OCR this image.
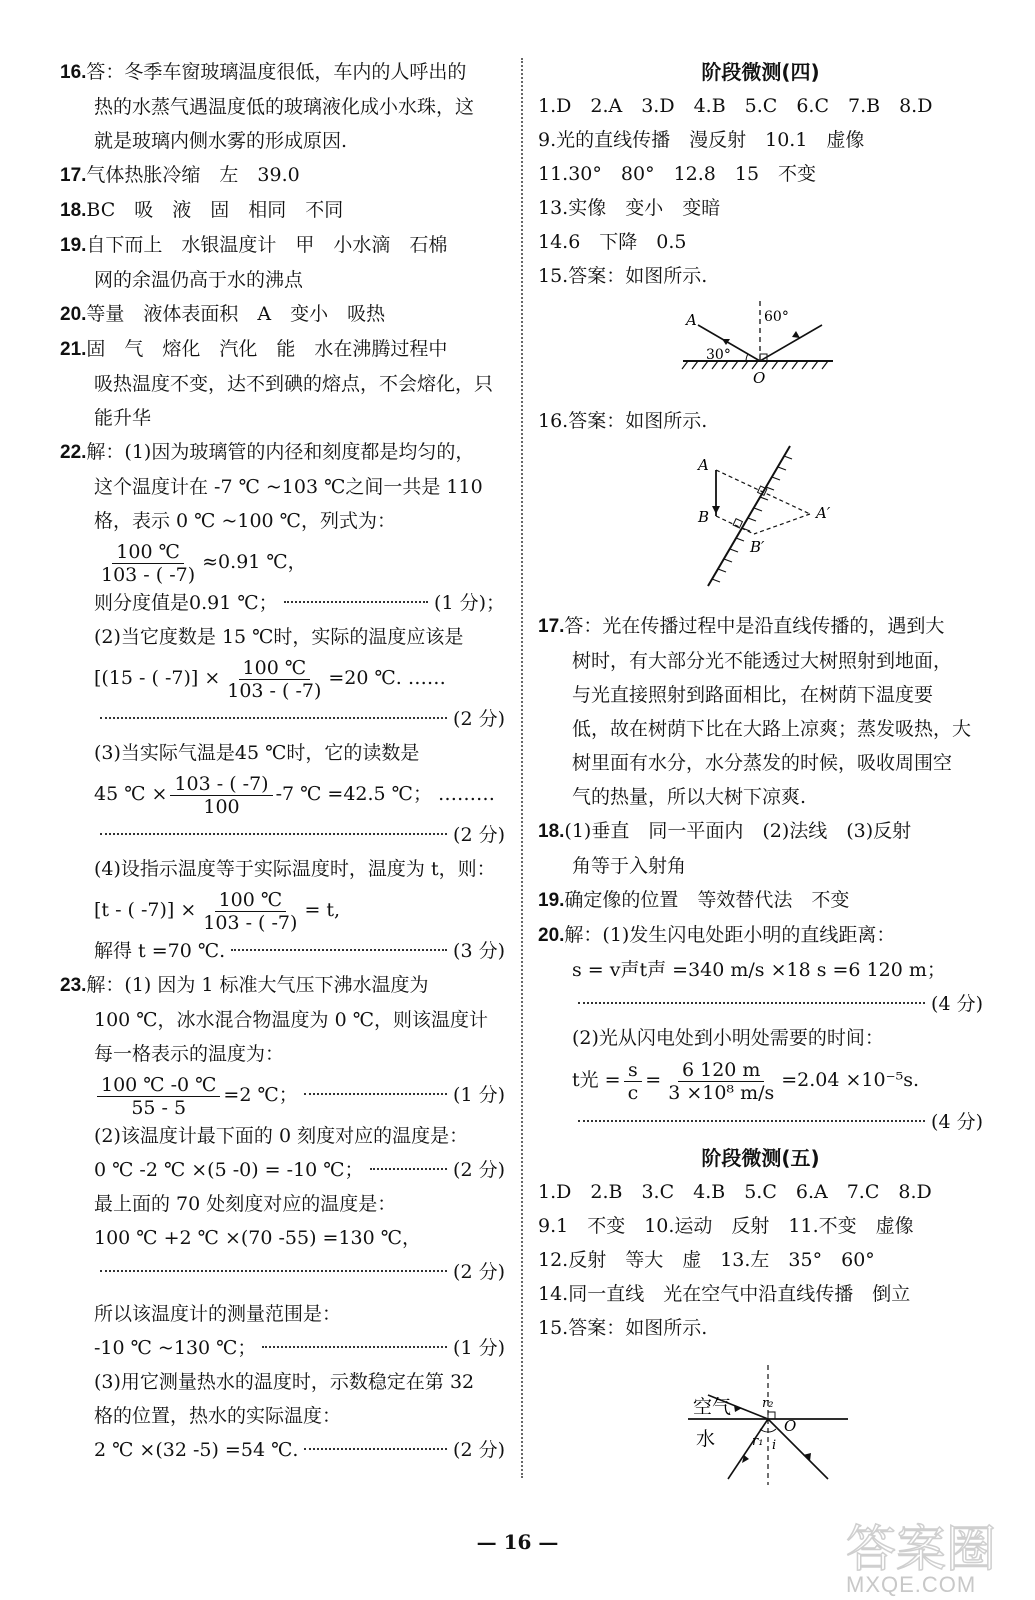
16.答：冬季车窗玻璃温度很低，车内的人呼出的

热的水蒸气遇温度低的玻璃液化成小水珠，这

就是玻璃内侧水雾的形成原因.

17.气体热胀冷缩　左　39.0

18.BC　吸　液　固　相同　不同

19.自下而上　水银温度计　甲　小水滴　石棉

网的余温仍高于水的沸点

20.等量　液体表面积　A　变小　吸热

21.固　气　熔化　汽化　能　水在沸腾过程中

吸热温度不变，达不到碘的熔点，不会熔化，只

能升华

22.解：(1)因为玻璃管的内径和刻度都是均匀的，

这个温度计在 -7 ℃ ~103 ℃之间一共是 110

格，表示 0 ℃ ~100 ℃，列式为：

$\frac{100 ℃}{103 - ( -7)} \approx 0.91$ ℃，

则分度值是0.91 ℃；	(1 分)；

(2)当它度数是 15 ℃时，实际的温度应该是

[(15 - ( $-7)] \times \frac{100 ℃}{103 - ( -7)} =20$ ℃. ……

(2 分)

(3)当实际气温是45 ℃时，它的读数是

45 ℃ × $\frac{103 - ( -7)}{100} -7$ ℃ =42.5 ℃； ………

(2 分)

(4)设指示温度等于实际温度时，温度为 t，则：

[t - ( $-7)] \times \frac{100 ℃}{103 - ( -7)} = t$,

解得 t =70 ℃.	(3 分)

23.解：(1) 因为 1 标准大气压下沸水温度为

100 ℃，冰水混合物温度为 0 ℃，则该温度计

每一格表示的温度为：

$\frac{100 ℃ -0 ℃}{55 - 5} =2$ ℃；	(1 分)

(2)该温度计最下面的 0 刻度对应的温度是：

0 ℃ -2 ℃ ×(5 -0) = -10 ℃；	(2 分)

最上面的 70 处刻度对应的温度是：

100 ℃ +2 ℃ ×(70 -55) =130 ℃，

(2 分)

所以该温度计的测量范围是：

-10 ℃ ~130 ℃；	(1 分)

(3)用它测量热水的温度时，示数稳定在第 32

格的位置，热水的实际温度：

2 ℃ ×(32 -5) =54 ℃.	(2 分)

阶段微测(四)

1.D　2.A　3.D　4.B　5.C　6.C　7.B　8.D

9.光的直线传播　漫反射　10.1　虚像

11.30°　80°　12.8　15　不变

13.实像　变小　变暗

14.6　下降　0.5

15.答案：如图所示.

A
O
30°
60°

16.答案：如图所示.

A
B	A′
B′

17.答：光在传播过程中是沿直线传播的，遇到大

树时，有大部分光不能透过大树照射到地面，

与光直接照射到路面相比，在树荫下温度要

低，故在树荫下比在大路上凉爽；蒸发吸热，大

树里面有水分，水分蒸发的时候，吸收周围空

气的热量，所以大树下凉爽.

18.(1)垂直　同一平面内　(2)法线　(3)反射

角等于入射角

19.确定像的位置　等效替代法　不变

20.解：(1)发生闪电处距小明的直线距离：

s = v声t声 =340 m/s ×18 s =6 120 m；

(4 分)

(2)光从闪电处到小明处需要的时间：

t光 = $\frac{s}{c} = \frac{6 120 m}{\text{3 ×10⁸ m/s}} =2.04 \times 10^{-5}s$.

(4 分)

阶段微测(五)

1.D　2.B　3.C　4.B　5.C　6.A　7.C　8.D

9.1　不变　10.运动　反射　11.不变　虚像

12.反射　等大　虚　13.左　35°　60°

14.同一直线　光在空气中沿直线传播　倒立

15.答案：如图所示.

空气
水
O
r₂
r₁ i
— 16 —	答案圈
MXQE.COM
